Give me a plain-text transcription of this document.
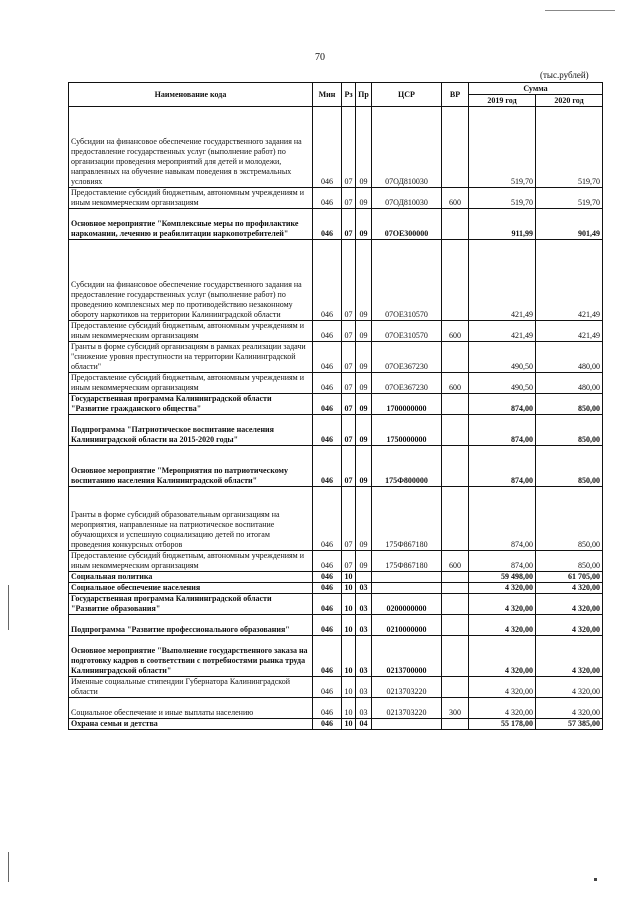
70
(тыс.рублей)
Наименование кода	Мин	Рз	Пр	ЦСР	ВР	Сумма	
						2019 год	2020 год
Субсидии на финансовое обеспечение государственного задания на предоставление государственных услуг (выполнение работ) по организации проведения мероприятий для детей и молодежи, направленных на обучение навыкам поведения в экстремальных условиях	046	07	09	07ОД810030		519,70	519,70
Предоставление субсидий бюджетным, автономным учреждениям и иным некоммерческим организациям	046	07	09	07ОД810030	600	519,70	519,70
Основное мероприятие "Комплексные меры по профилактике наркомании, лечению и реабилитации наркопотребителей"	046	07	09	07ОЕ300000		911,99	901,49
Субсидии на финансовое обеспечение государственного задания на предоставление государственных услуг (выполнение работ) по проведению комплексных мер по противодействию незаконному обороту наркотиков на территории Калининградской области	046	07	09	07ОЕ310570		421,49	421,49
Предоставление субсидий бюджетным, автономным учреждениям и иным некоммерческим организациям	046	07	09	07ОЕ310570	600	421,49	421,49
Гранты в форме субсидий организациям в рамках реализации задачи "снижение уровня преступности на территории Калининградской области"	046	07	09	07ОЕ367230		490,50	480,00
Предоставление субсидий бюджетным, автономным учреждениям и иным некоммерческим организациям	046	07	09	07ОЕ367230	600	490,50	480,00
Государственная программа Калининградской области "Развитие гражданского общества"	046	07	09	1700000000		874,00	850,00
Подпрограмма "Патриотическое воспитание населения Калининградской области на 2015-2020 годы"	046	07	09	1750000000		874,00	850,00
Основное мероприятие "Мероприятия по патриотическому воспитанию населения Калининградской области"	046	07	09	175Ф800000		874,00	850,00
Гранты в форме субсидий образовательным организациям на мероприятия, направленные на патриотическое воспитание обучающихся и успешную социализацию детей по итогам проведения конкурсных отборов	046	07	09	175Ф867180		874,00	850,00
Предоставление субсидий бюджетным, автономным учреждениям и иным некоммерческим организациям	046	07	09	175Ф867180	600	874,00	850,00
Социальная политика	046	10				59 498,00	61 705,00
Социальное обеспечение населения	046	10	03			4 320,00	4 320,00
Государственная программа Калининградской области "Развитие образования"	046	10	03	0200000000		4 320,00	4 320,00
Подпрограмма "Развитие профессионального образования"	046	10	03	0210000000		4 320,00	4 320,00
Основное мероприятие "Выполнение государственного заказа на подготовку кадров в соответствии с потребностями рынка труда Калининградской области"	046	10	03	0213700000		4 320,00	4 320,00
Именные социальные стипендии Губернатора Калининградской области	046	10	03	0213703220		4 320,00	4 320,00
Социальное обеспечение и иные выплаты населению	046	10	03	0213703220	300	4 320,00	4 320,00
Охрана семьи и детства	046	10	04			55 178,00	57 385,00
